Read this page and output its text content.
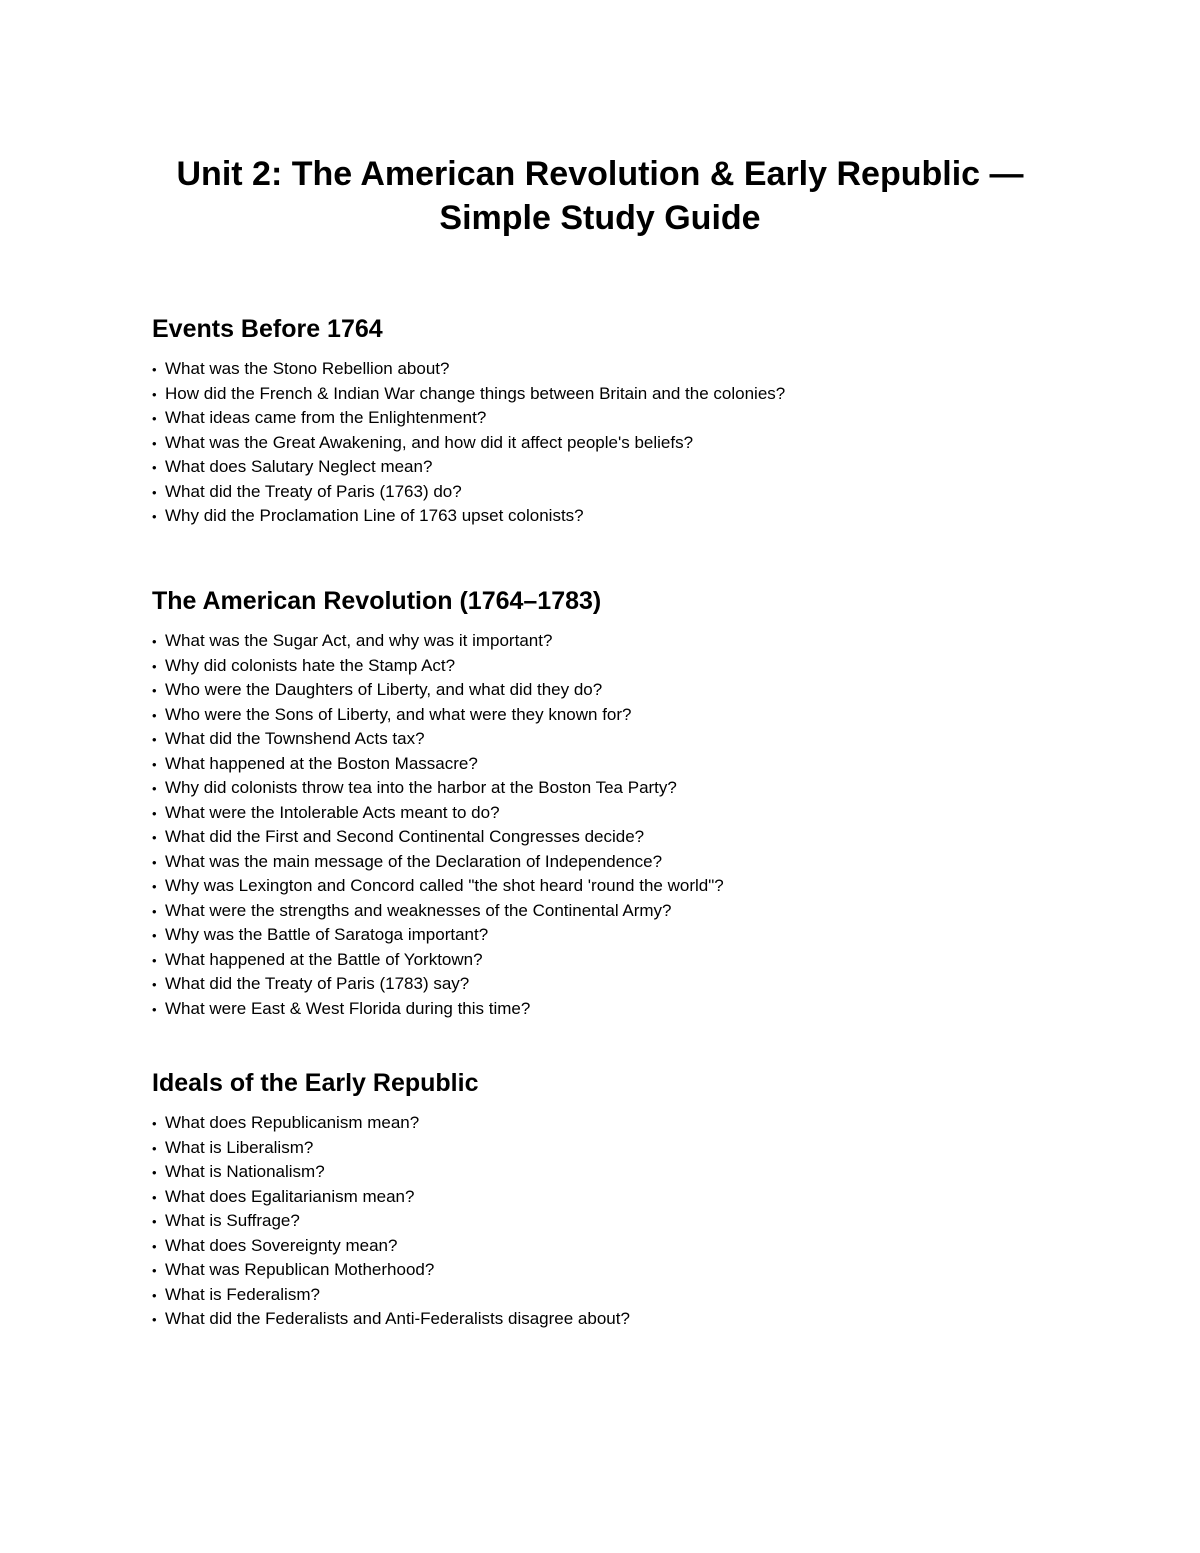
Unit 2: The American Revolution & Early Republic —
Simple Study Guide
Events Before 1764
• What was the Stono Rebellion about?
• How did the French & Indian War change things between Britain and the colonies?
• What ideas came from the Enlightenment?
• What was the Great Awakening, and how did it affect people's beliefs?
• What does Salutary Neglect mean?
• What did the Treaty of Paris (1763) do?
• Why did the Proclamation Line of 1763 upset colonists?
The American Revolution (1764–1783)
• What was the Sugar Act, and why was it important?
• Why did colonists hate the Stamp Act?
• Who were the Daughters of Liberty, and what did they do?
• Who were the Sons of Liberty, and what were they known for?
• What did the Townshend Acts tax?
• What happened at the Boston Massacre?
• Why did colonists throw tea into the harbor at the Boston Tea Party?
• What were the Intolerable Acts meant to do?
• What did the First and Second Continental Congresses decide?
• What was the main message of the Declaration of Independence?
• Why was Lexington and Concord called "the shot heard 'round the world"?
• What were the strengths and weaknesses of the Continental Army?
• Why was the Battle of Saratoga important?
• What happened at the Battle of Yorktown?
• What did the Treaty of Paris (1783) say?
• What were East & West Florida during this time?
Ideals of the Early Republic
• What does Republicanism mean?
• What is Liberalism?
• What is Nationalism?
• What does Egalitarianism mean?
• What is Suffrage?
• What does Sovereignty mean?
• What was Republican Motherhood?
• What is Federalism?
• What did the Federalists and Anti-Federalists disagree about?
